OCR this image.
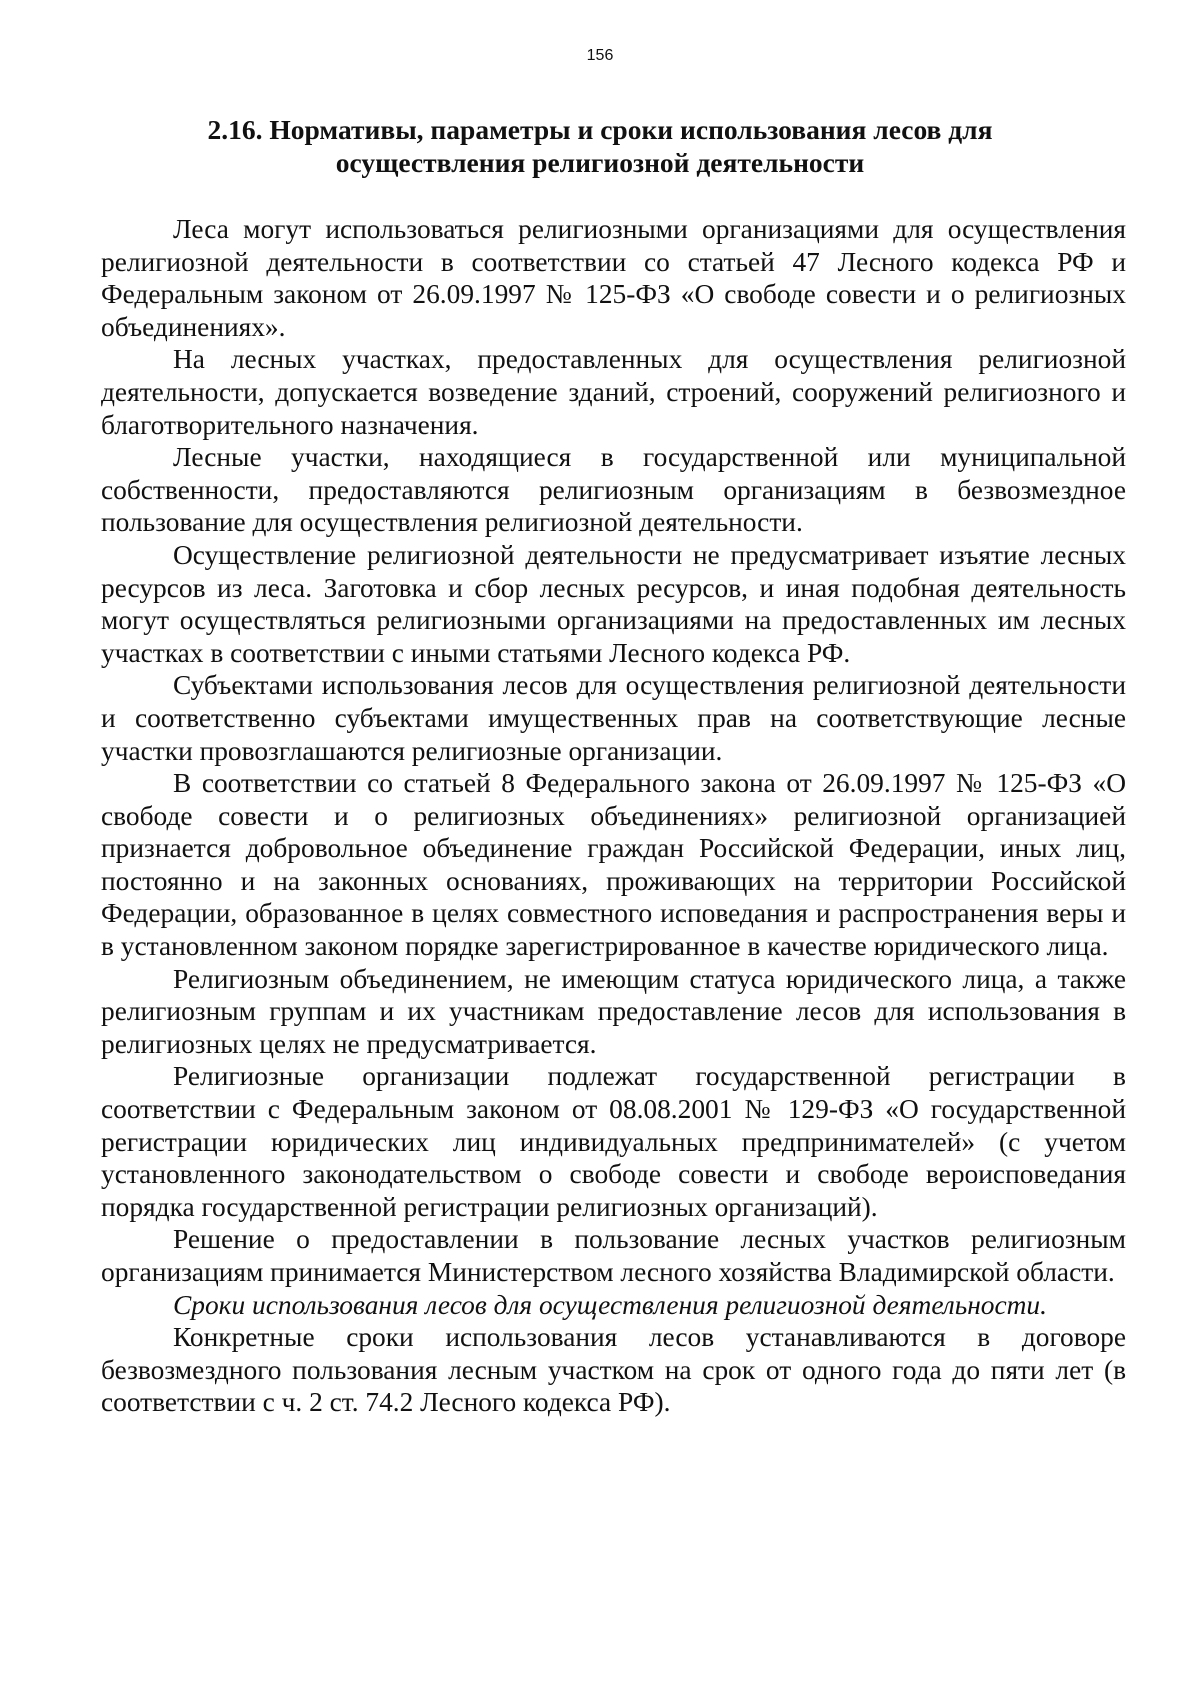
156
2.16. Нормативы, параметры и сроки использования лесов для осуществления религиозной деятельности

Леса могут использоваться религиозными организациями для осуществления религиозной деятельности в соответствии со статьей 47 Лесного кодекса РФ и Федеральным законом от 26.09.1997 № 125-ФЗ «О свободе совести и о религиозных объединениях».

На лесных участках, предоставленных для осуществления религиозной деятельности, допускается возведение зданий, строений, сооружений религиозного и благотворительного назначения.

Лесные участки, находящиеся в государственной или муниципальной собственности, предоставляются религиозным организациям в безвозмездное пользование для осуществления религиозной деятельности.

Осуществление религиозной деятельности не предусматривает изъятие лесных ресурсов из леса. Заготовка и сбор лесных ресурсов, и иная подобная деятельность могут осуществляться религиозными организациями на предоставленных им лесных участках в соответствии с иными статьями Лесного кодекса РФ.

Субъектами использования лесов для осуществления религиозной деятельности и соответственно субъектами имущественных прав на соответствующие лесные участки провозглашаются религиозные организации.

В соответствии со статьей 8 Федерального закона от 26.09.1997 № 125-ФЗ «О свободе совести и о религиозных объединениях» религиозной организацией признается добровольное объединение граждан Российской Федерации, иных лиц, постоянно и на законных основаниях, проживающих на территории Российской Федерации, образованное в целях совместного исповедания и распространения веры и в установленном законом порядке зарегистрированное в качестве юридического лица.

Религиозным объединением, не имеющим статуса юридического лица, а также религиозным группам и их участникам предоставление лесов для использования в религиозных целях не предусматривается.

Религиозные организации подлежат государственной регистрации в соответствии с Федеральным законом от 08.08.2001 № 129-ФЗ «О государственной регистрации юридических лиц индивидуальных предпринимателей» (с учетом установленного законодательством о свободе совести и свободе вероисповедания порядка государственной регистрации религиозных организаций).

Решение о предоставлении в пользование лесных участков религиозным организациям принимается Министерством лесного хозяйства Владимирской области.

Сроки использования лесов для осуществления религиозной деятельности.

Конкретные сроки использования лесов устанавливаются в договоре безвозмездного пользования лесным участком на срок от одного года до пяти лет (в соответствии с ч. 2 ст. 74.2 Лесного кодекса РФ).
